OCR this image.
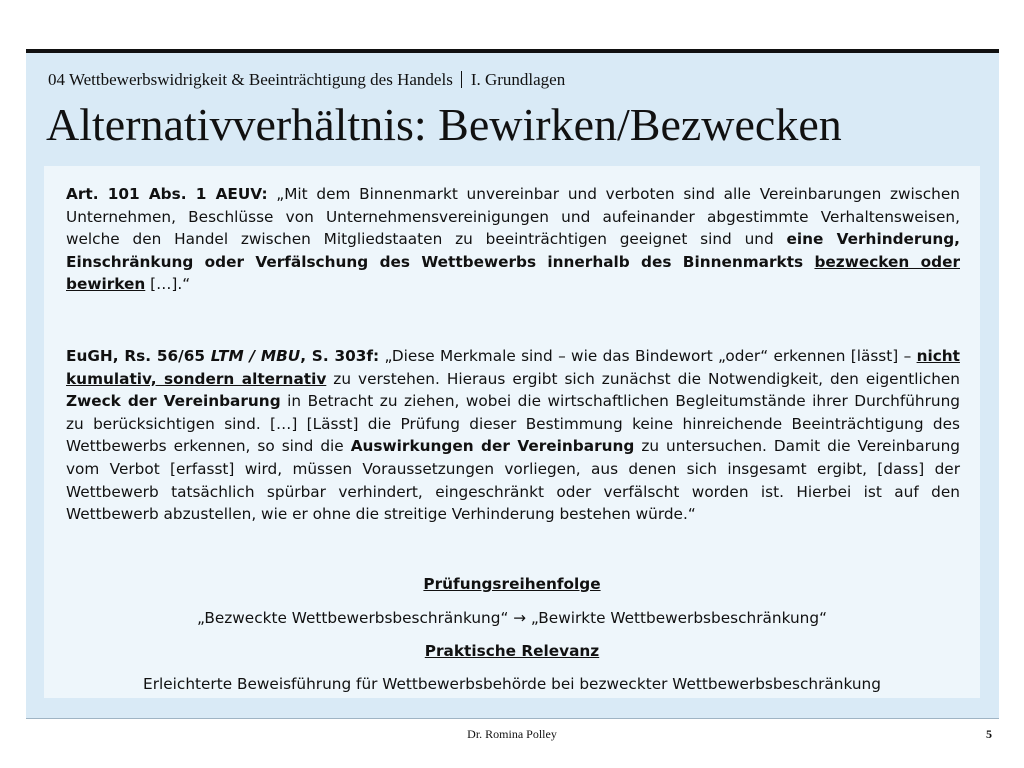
04 Wettbewerbswidrigkeit & Beeinträchtigung des Handels I. Grundlagen
Alternativverhältnis: Bewirken/Bezwecken

Art. 101 Abs. 1 AEUV: „Mit dem Binnenmarkt unvereinbar und verboten sind alle Vereinbarungen zwischen Unternehmen, Beschlüsse von Unternehmensvereinigungen und aufeinander abgestimmte Verhaltensweisen, welche den Handel zwischen Mitgliedstaaten zu beeinträchtigen geeignet sind und eine Verhinderung, Einschränkung oder Verfälschung des Wettbewerbs innerhalb des Binnenmarkts bezwecken oder bewirken […].“

EuGH, Rs. 56/65 LTM / MBU, S. 303f: „Diese Merkmale sind – wie das Bindewort „oder“ erkennen [lässt] – nicht kumulativ, sondern alternativ zu verstehen. Hieraus ergibt sich zunächst die Notwendigkeit, den eigentlichen Zweck der Vereinbarung in Betracht zu ziehen, wobei die wirtschaftlichen Begleitumstände ihrer Durchführung zu berücksichtigen sind. […] [Lässt] die Prüfung dieser Bestimmung keine hinreichende Beeinträchtigung des Wettbewerbs erkennen, so sind die Auswirkungen der Vereinbarung zu untersuchen. Damit die Vereinbarung vom Verbot [erfasst] wird, müssen Voraussetzungen vorliegen, aus denen sich insgesamt ergibt, [dass] der Wettbewerb tatsächlich spürbar verhindert, eingeschränkt oder verfälscht worden ist. Hierbei ist auf den Wettbewerb abzustellen, wie er ohne die streitige Verhinderung bestehen würde.“

Prüfungsreihenfolge

„Bezweckte Wettbewerbsbeschränkung“ → „Bewirkte Wettbewerbsbeschränkung“

Praktische Relevanz

Erleichterte Beweisführung für Wettbewerbsbehörde bei bezweckter Wettbewerbsbeschränkung

Dr. Romina Polley	5
